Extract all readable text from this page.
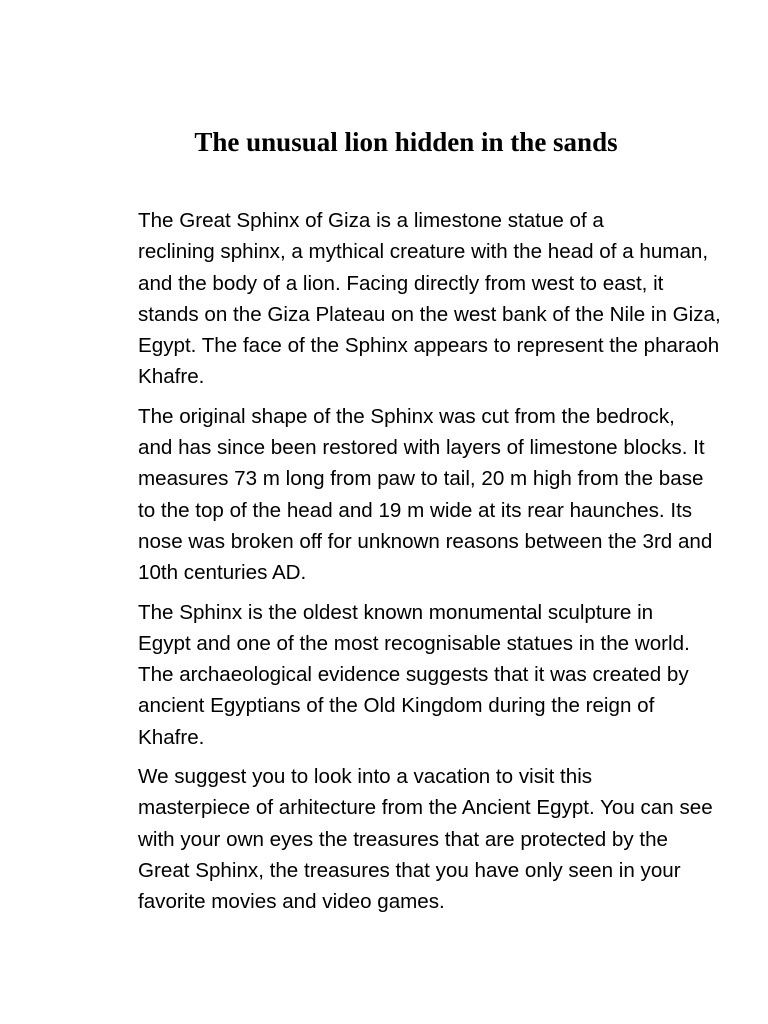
The unusual lion hidden in the sands

The Great Sphinx of Giza is a limestone statue of a
reclining sphinx, a mythical creature with the head of a human,
and the body of a lion. Facing directly from west to east, it
stands on the Giza Plateau on the west bank of the Nile in Giza,
Egypt. The face of the Sphinx appears to represent the pharaoh
Khafre.

The original shape of the Sphinx was cut from the bedrock,
and has since been restored with layers of limestone blocks. It
measures 73 m long from paw to tail, 20 m high from the base
to the top of the head and 19 m wide at its rear haunches. Its
nose was broken off for unknown reasons between the 3rd and
10th centuries AD.

The Sphinx is the oldest known monumental sculpture in
Egypt and one of the most recognisable statues in the world.
The archaeological evidence suggests that it was created by
ancient Egyptians of the Old Kingdom during the reign of
Khafre.

We suggest you to look into a vacation to visit this
masterpiece of arhitecture from the Ancient Egypt. You can see
with your own eyes the treasures that are protected by the
Great Sphinx, the treasures that you have only seen in your
favorite movies and video games.
